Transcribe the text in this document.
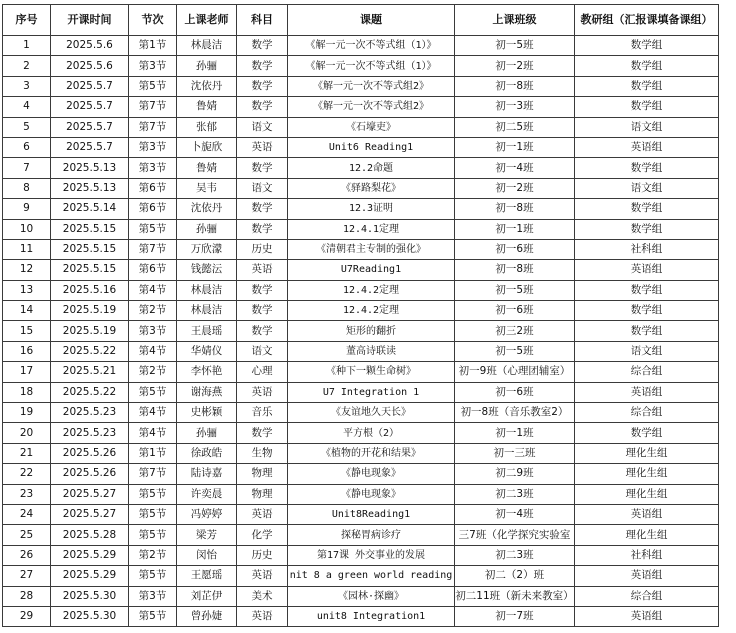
序号	开课时间	节次	上课老师	科目	课题	上课班级	教研组（汇报课填备课组）
1	2025.5.6	第1节	林晨洁	数学	《解一元一次不等式组（1）》	初一5班	数学组
2	2025.5.6	第3节	孙骊	数学	《解一元一次不等式组（1）》	初一2班	数学组
3	2025.5.7	第5节	沈依丹	数学	《解一元一次不等式组2》	初一8班	数学组
4	2025.5.7	第7节	鲁婧	数学	《解一元一次不等式组2》	初一3班	数学组
5	2025.5.7	第7节	张郁	语文	《石壕吏》	初二5班	语文组
6	2025.5.7	第3节	卜旎欣	英语	Unit6 Reading1	初一1班	英语组
7	2025.5.13	第3节	鲁婧	数学	12.2命题	初一4班	数学组
8	2025.5.13	第6节	吴韦	语文	《驿路梨花》	初一2班	语文组
9	2025.5.14	第6节	沈依丹	数学	12.3证明	初一8班	数学组
10	2025.5.15	第5节	孙骊	数学	12.4.1定理	初一1班	数学组
11	2025.5.15	第7节	万欣濛	历史	《清朝君主专制的强化》	初一6班	社科组
12	2025.5.15	第6节	钱懿沄	英语	U7Reading1	初一8班	英语组
13	2025.5.16	第4节	林晨洁	数学	12.4.2定理	初一5班	数学组
14	2025.5.19	第2节	林晨洁	数学	12.4.2定理	初一6班	数学组
15	2025.5.19	第3节	王晨瑶	数学	矩形的翻折	初三2班	数学组
16	2025.5.22	第4节	华婧仪	语文	董高诗联读	初一5班	语文组
17	2025.5.21	第2节	李怀艳	心理	《种下一颗生命树》	初一9班（心理团辅室）	综合组
18	2025.5.22	第5节	谢海燕	英语	U7 Integration 1	初一6班	英语组
19	2025.5.23	第4节	史彬颖	音乐	《友谊地久天长》	初一8班（音乐教室2）	综合组
20	2025.5.23	第4节	孙骊	数学	平方根（2）	初一1班	数学组
21	2025.5.26	第1节	徐政皓	生物	《植物的开花和结果》	初一三班	理化生组
22	2025.5.26	第7节	陆诗嘉	物理	《静电现象》	初二9班	理化生组
23	2025.5.27	第5节	许奕晨	物理	《静电现象》	初二3班	理化生组
24	2025.5.27	第5节	冯婷婷	英语	Unit8Reading1	初一4班	英语组
25	2025.5.28	第5节	梁芳	化学	探秘胃病诊疗	三7班（化学探究实验室	理化生组
26	2025.5.29	第2节	闵怡	历史	第17课 外交事业的发展	初二3班	社科组
27	2025.5.29	第5节	王愿瑶	英语	nit 8 a green world reading	初二（2）班	英语组
28	2025.5.30	第3节	刘芷伊	美术	《园林·探幽》	初二11班（新未来教室）	综合组
29	2025.5.30	第5节	曾孙婕	英语	unit8 Integration1	初一7班	英语组
